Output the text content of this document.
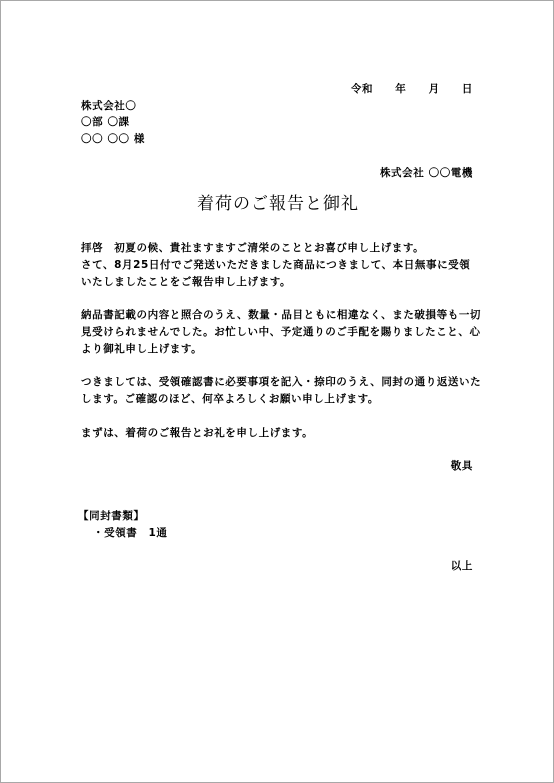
令和　　年　　月　　日
株式会社〇
〇部 〇課
〇〇 〇〇 様
株式会社 〇〇電機
着荷のご報告と御礼
拝啓　初夏の候、貴社ますますご清栄のこととお喜び申し上げます。
さて、8月25日付でご発送いただきました商品につきまして、本日無事に受領
いたしましたことをご報告申し上げます。
納品書記載の内容と照合のうえ、数量・品目ともに相違なく、また破損等も一切
見受けられませんでした。お忙しい中、予定通りのご手配を賜りましたこと、心
より御礼申し上げます。
つきましては、受領確認書に必要事項を記入・捺印のうえ、同封の通り返送いた
します。ご確認のほど、何卒よろしくお願い申し上げます。
まずは、着荷のご報告とお礼を申し上げます。
敬具
【同封書類】
・受領書　1通
以上
